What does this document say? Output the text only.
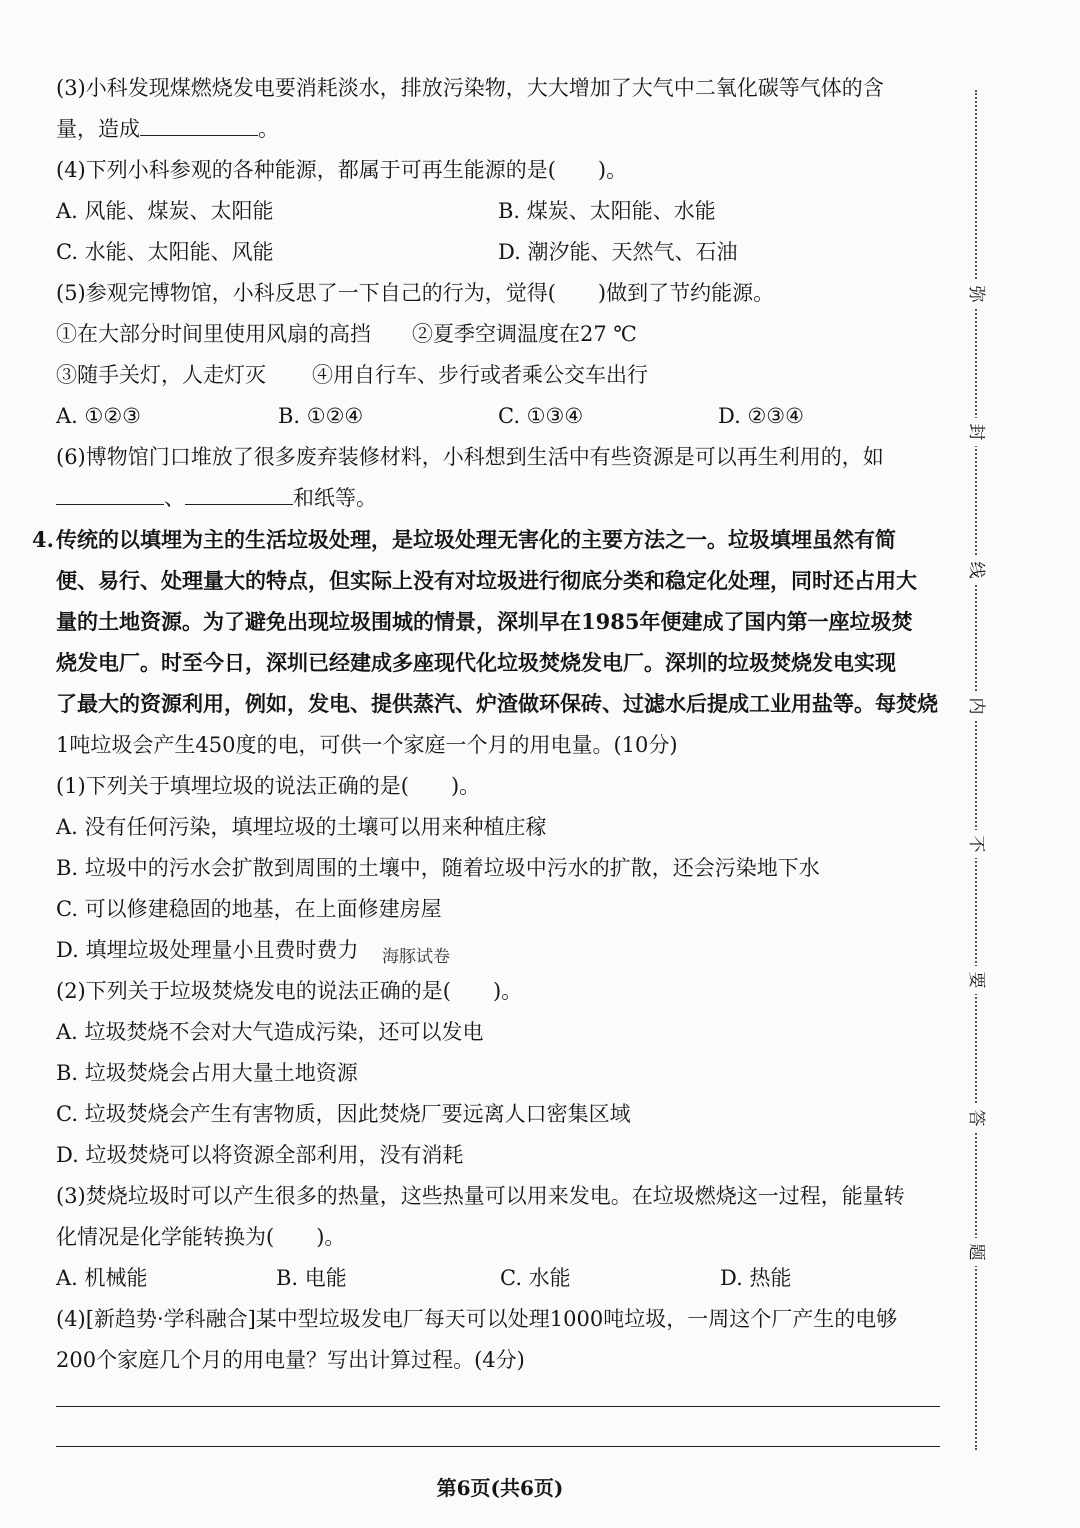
(3)小科发现煤燃烧发电要消耗淡水，排放污染物，大大增加了大气中二氧化碳等气体的含
量，造成	。
(4)下列小科参观的各种能源，都属于可再生能源的是(　　)。
A. 风能、煤炭、太阳能	B. 煤炭、太阳能、水能
C. 水能、太阳能、风能	D. 潮汐能、天然气、石油
(5)参观完博物馆，小科反思了一下自己的行为，觉得(　　)做到了节约能源。
①在大部分时间里使用风扇的高挡 ②夏季空调温度在27 ℃
③随手关灯，人走灯灭 ④用自行车、步行或者乘公交车出行
A. ①②③	B. ①②④	C. ①③④	D. ②③④
(6)博物馆门口堆放了很多废弃装修材料，小科想到生活中有些资源是可以再生利用的，如
、	和纸等。
4. 传统的以填埋为主的生活垃圾处理，是垃圾处理无害化的主要方法之一。垃圾填埋虽然有简
便、易行、处理量大的特点，但实际上没有对垃圾进行彻底分类和稳定化处理，同时还占用大
量的土地资源。为了避免出现垃圾围城的情景，深圳早在1985年便建成了国内第一座垃圾焚
烧发电厂。时至今日，深圳已经建成多座现代化垃圾焚烧发电厂。深圳的垃圾焚烧发电实现
了最大的资源利用，例如，发电、提供蒸汽、炉渣做环保砖、过滤水后提成工业用盐等。每焚烧
1吨垃圾会产生450度的电，可供一个家庭一个月的用电量。(10分)
(1)下列关于填埋垃圾的说法正确的是(　　)。
A. 没有任何污染，填埋垃圾的土壤可以用来种植庄稼
B. 垃圾中的污水会扩散到周围的土壤中，随着垃圾中污水的扩散，还会污染地下水
C. 可以修建稳固的地基，在上面修建房屋
D. 填埋垃圾处理量小且费时费力 海豚试卷
(2)下列关于垃圾焚烧发电的说法正确的是(　　)。
A. 垃圾焚烧不会对大气造成污染，还可以发电
B. 垃圾焚烧会占用大量土地资源
C. 垃圾焚烧会产生有害物质，因此焚烧厂要远离人口密集区域
D. 垃圾焚烧可以将资源全部利用，没有消耗
(3)焚烧垃圾时可以产生很多的热量，这些热量可以用来发电。在垃圾燃烧这一过程，能量转
化情况是化学能转换为(　　)。
A. 机械能	B. 电能	C. 水能	D. 热能
(4)[新趋势·学科融合]某中型垃圾发电厂每天可以处理1000吨垃圾，一周这个厂产生的电够
200个家庭几个月的用电量？写出计算过程。(4分)
弥
封
线
内
不
要
答
题
第6页(共6页)
